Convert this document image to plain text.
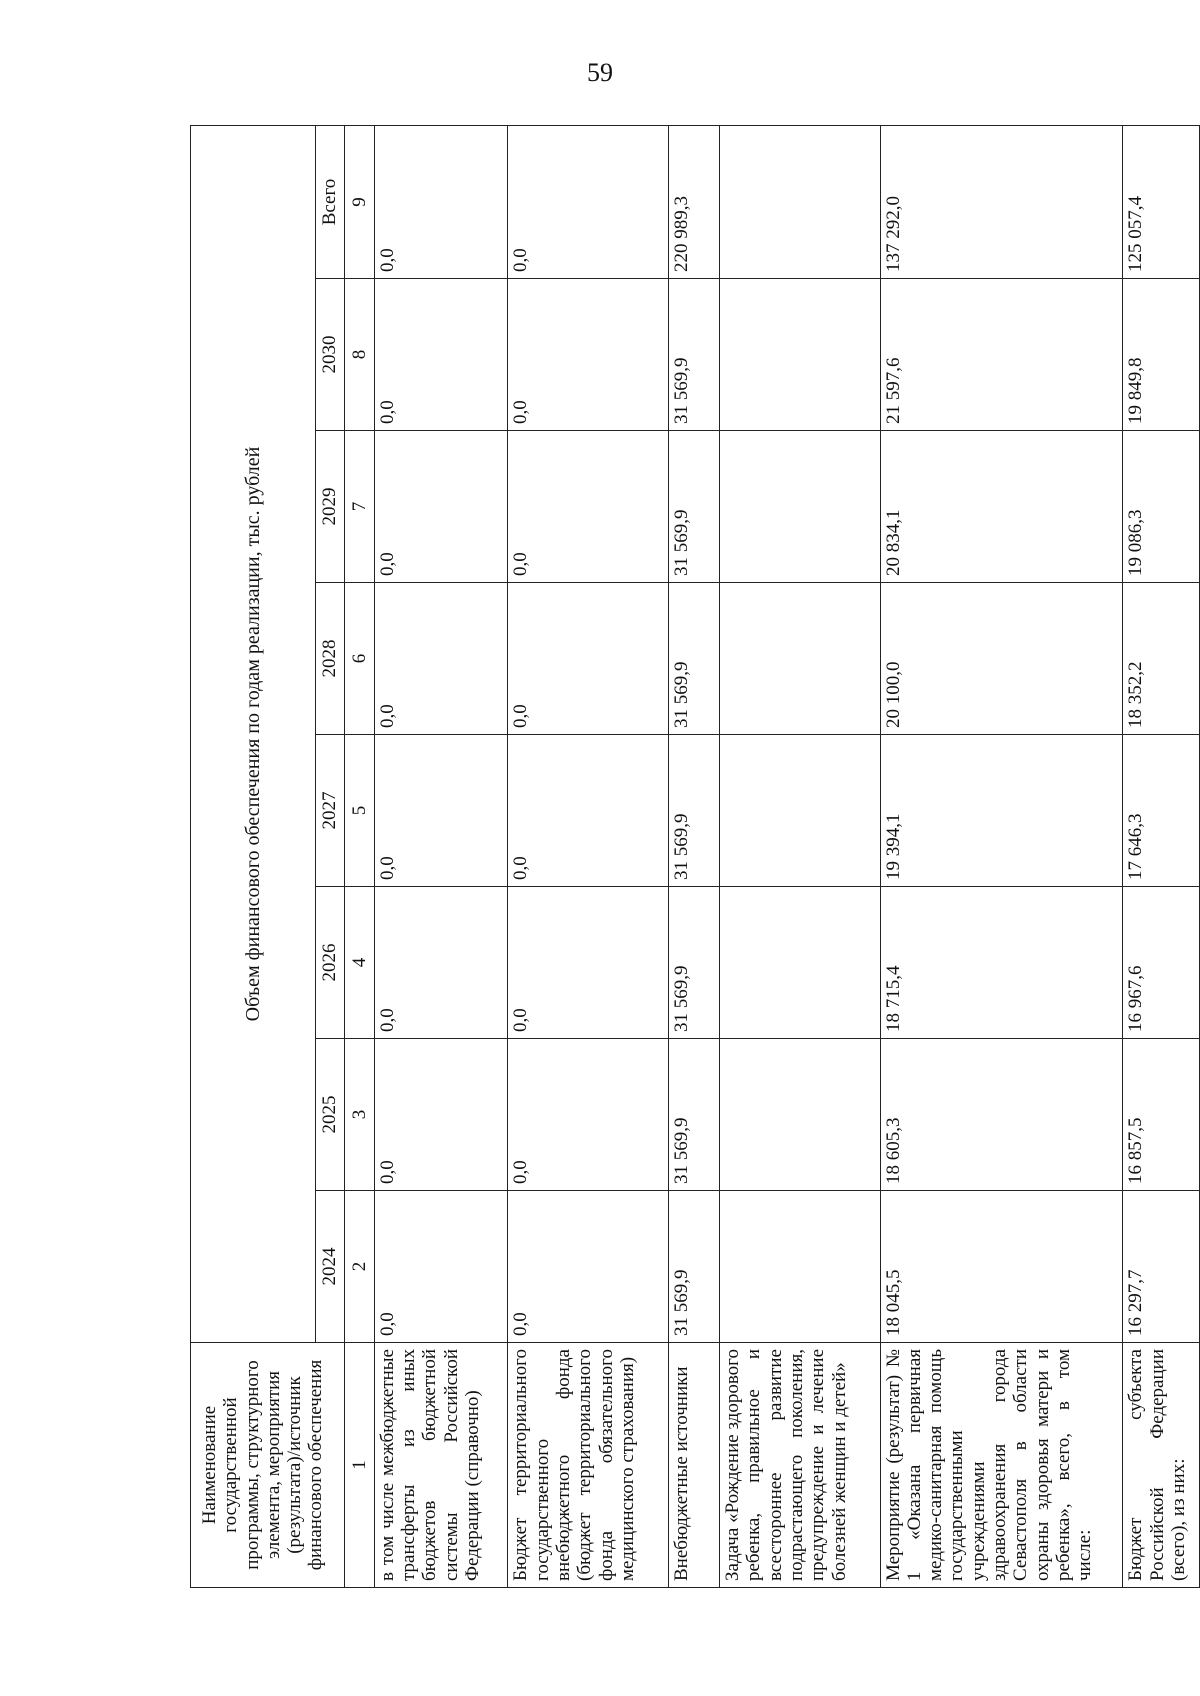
59
Наименование государственной программы, структурного элемента, мероприятия (результата)/источник финансового обеспечения	Объем финансового обеспечения по годам реализации, тыс. рублей							
	2024	2025	2026	2027	2028	2029	2030	Всего
1	2	3	4	5	6	7	8	9
в том числе межбюджетные трансферты из иных бюджетов бюджетной системы Российской Федерации (справочно)	0,0	0,0	0,0	0,0	0,0	0,0	0,0	0,0
Бюджет территориального государственного внебюджетного фонда (бюджет территориального фонда обязательного медицинского страхования)	0,0	0,0	0,0	0,0	0,0	0,0	0,0	0,0
Внебюджетные источники	31 569,9	31 569,9	31 569,9	31 569,9	31 569,9	31 569,9	31 569,9	220 989,3
Задача «Рождение здорового ребенка, правильное и всестороннее развитие подрастающего поколения, предупреждение и лечение болезней женщин и детей»								
Мероприятие (результат) № 1 «Оказана первичная медико-санитарная помощь государственными учреждениями здравоохранения города Севастополя в области охраны здоровья матери и ребенка», всего, в том числе:	18 045,5	18 605,3	18 715,4	19 394,1	20 100,0	20 834,1	21 597,6	137 292,0
Бюджет субъекта Российской Федерации (всего), из них:	16 297,7	16 857,5	16 967,6	17 646,3	18 352,2	19 086,3	19 849,8	125 057,4
